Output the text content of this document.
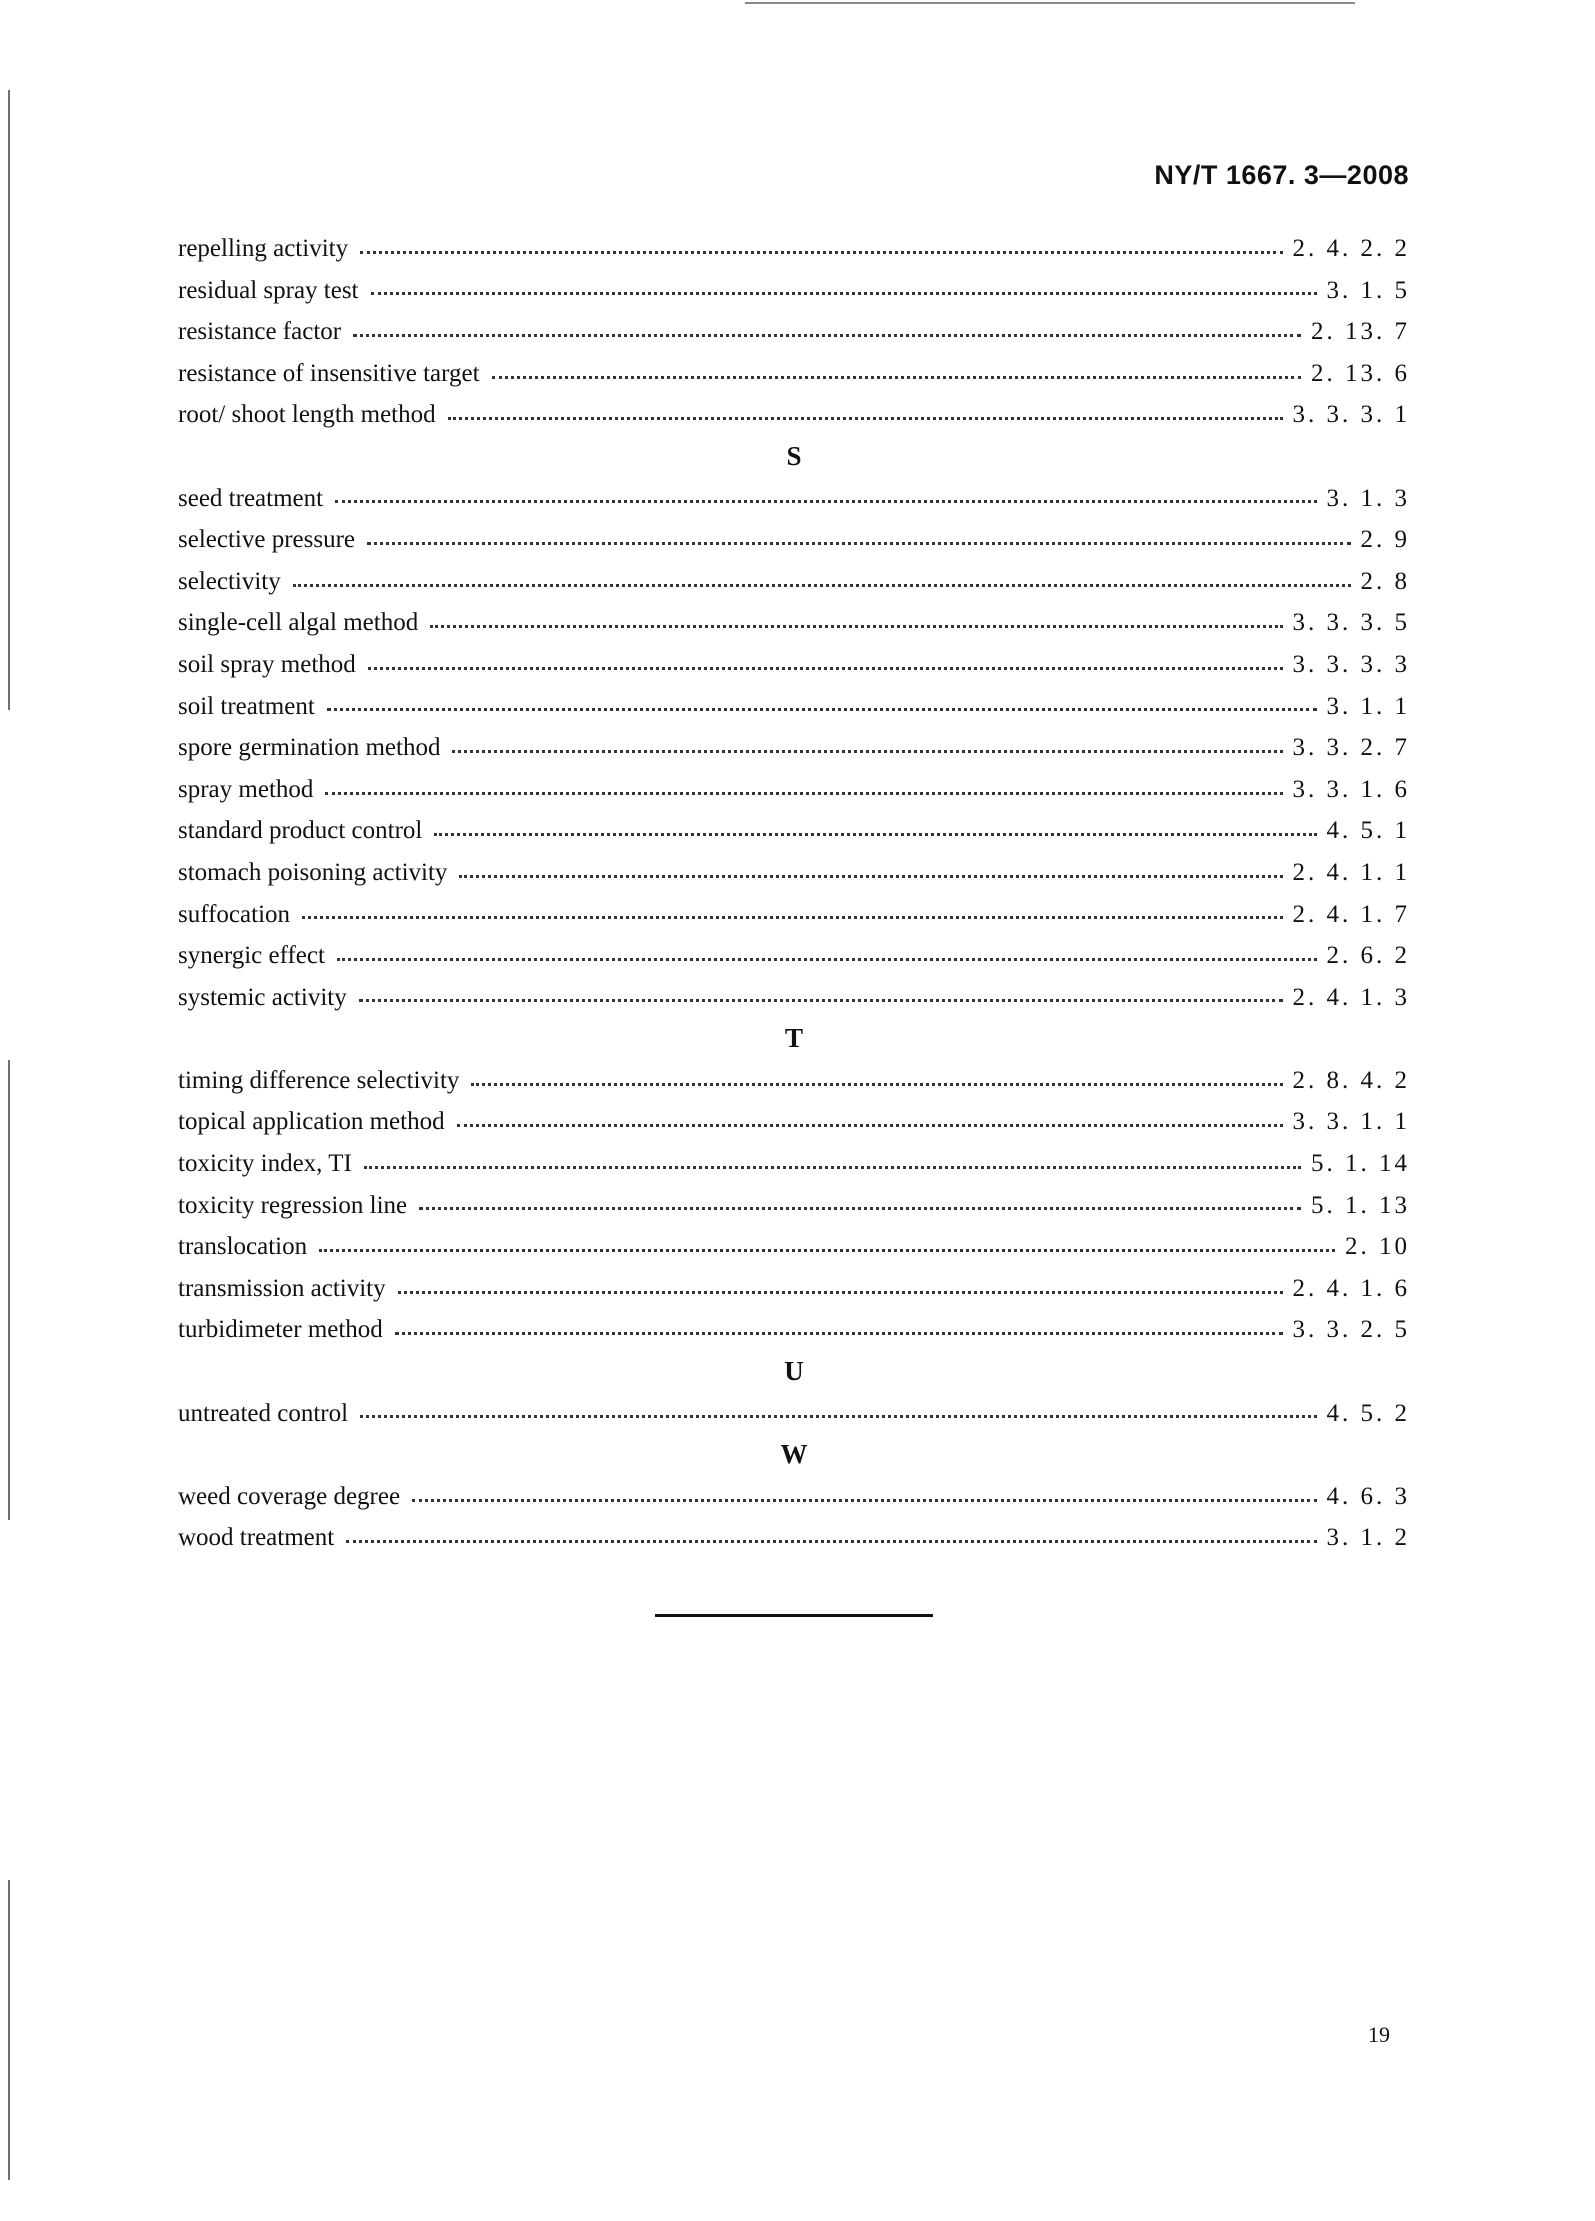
NY/T 1667. 3—2008
repelling activity	2. 4. 2. 2
residual spray test	3. 1. 5
resistance factor	2. 13. 7
resistance of insensitive target	2. 13. 6
root/ shoot length method	3. 3. 3. 1
S
seed treatment	3. 1. 3
selective pressure	2. 9
selectivity	2. 8
single-cell algal method	3. 3. 3. 5
soil spray method	3. 3. 3. 3
soil treatment	3. 1. 1
spore germination method	3. 3. 2. 7
spray method	3. 3. 1. 6
standard product control	4. 5. 1
stomach poisoning activity	2. 4. 1. 1
suffocation	2. 4. 1. 7
synergic effect	2. 6. 2
systemic activity	2. 4. 1. 3
T
timing difference selectivity	2. 8. 4. 2
topical application method	3. 3. 1. 1
toxicity index, TI	5. 1. 14
toxicity regression line	5. 1. 13
translocation	2. 10
transmission activity	2. 4. 1. 6
turbidimeter method	3. 3. 2. 5
U
untreated control	4. 5. 2
W
weed coverage degree	4. 6. 3
wood treatment	3. 1. 2
19
